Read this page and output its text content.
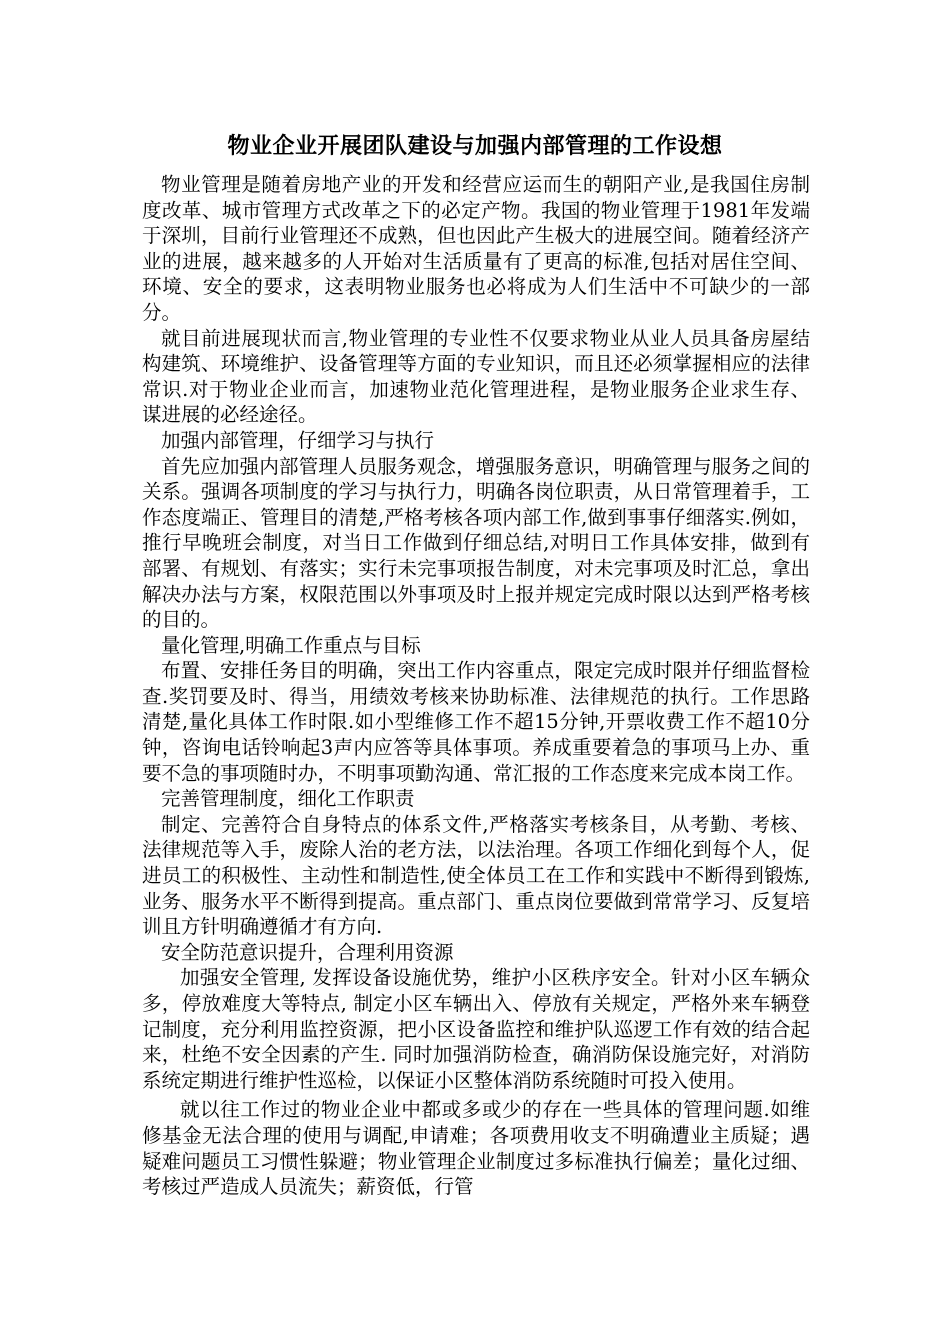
物业企业开展团队建设与加强内部管理的工作设想

物业管理是随着房地产业的开发和经营应运而生的朝阳产业,是我国住房制度改革、城市管理方式改革之下的必定产物。我国的物业管理于1981年发端于深圳，目前行业管理还不成熟，但也因此产生极大的进展空间。随着经济产业的进展，越来越多的人开始对生活质量有了更高的标准,包括对居住空间、环境、安全的要求，这表明物业服务也必将成为人们生活中不可缺少的一部分。

就目前进展现状而言,物业管理的专业性不仅要求物业从业人员具备房屋结构建筑、环境维护、设备管理等方面的专业知识，而且还必须掌握相应的法律常识.对于物业企业而言，加速物业范化管理进程，是物业服务企业求生存、谋进展的必经途径。

加强内部管理，仔细学习与执行

首先应加强内部管理人员服务观念，增强服务意识，明确管理与服务之间的关系。强调各项制度的学习与执行力，明确各岗位职责，从日常管理着手，工作态度端正、管理目的清楚,严格考核各项内部工作,做到事事仔细落实.例如，推行早晚班会制度，对当日工作做到仔细总结,对明日工作具体安排，做到有部署、有规划、有落实；实行未完事项报告制度，对未完事项及时汇总，拿出解决办法与方案，权限范围以外事项及时上报并规定完成时限以达到严格考核的目的。

量化管理,明确工作重点与目标

布置、安排任务目的明确，突出工作内容重点，限定完成时限并仔细监督检查.奖罚要及时、得当，用绩效考核来协助标准、法律规范的执行。工作思路清楚,量化具体工作时限.如小型维修工作不超15分钟,开票收费工作不超10分钟，咨询电话铃响起3声内应答等具体事项。养成重要着急的事项马上办、重要不急的事项随时办，不明事项勤沟通、常汇报的工作态度来完成本岗工作。

完善管理制度，细化工作职责

制定、完善符合自身特点的体系文件,严格落实考核条目，从考勤、考核、法律规范等入手，废除人治的老方法，以法治理。各项工作细化到每个人，促进员工的积极性、主动性和制造性,使全体员工在工作和实践中不断得到锻炼,业务、服务水平不断得到提高。重点部门、重点岗位要做到常常学习、反复培训且方针明确遵循才有方向.

安全防范意识提升，合理利用资源

加强安全管理, 发挥设备设施优势，维护小区秩序安全。针对小区车辆众多，停放难度大等特点, 制定小区车辆出入、停放有关规定，严格外来车辆登记制度，充分利用监控资源，把小区设备监控和维护队巡逻工作有效的结合起来，杜绝不安全因素的产生. 同时加强消防检查，确消防保设施完好，对消防系统定期进行维护性巡检，以保证小区整体消防系统随时可投入使用。

就以往工作过的物业企业中都或多或少的存在一些具体的管理问题.如维修基金无法合理的使用与调配,申请难；各项费用收支不明确遭业主质疑；遇疑难问题员工习惯性躲避；物业管理企业制度过多标准执行偏差；量化过细、考核过严造成人员流失；薪资低，行管
